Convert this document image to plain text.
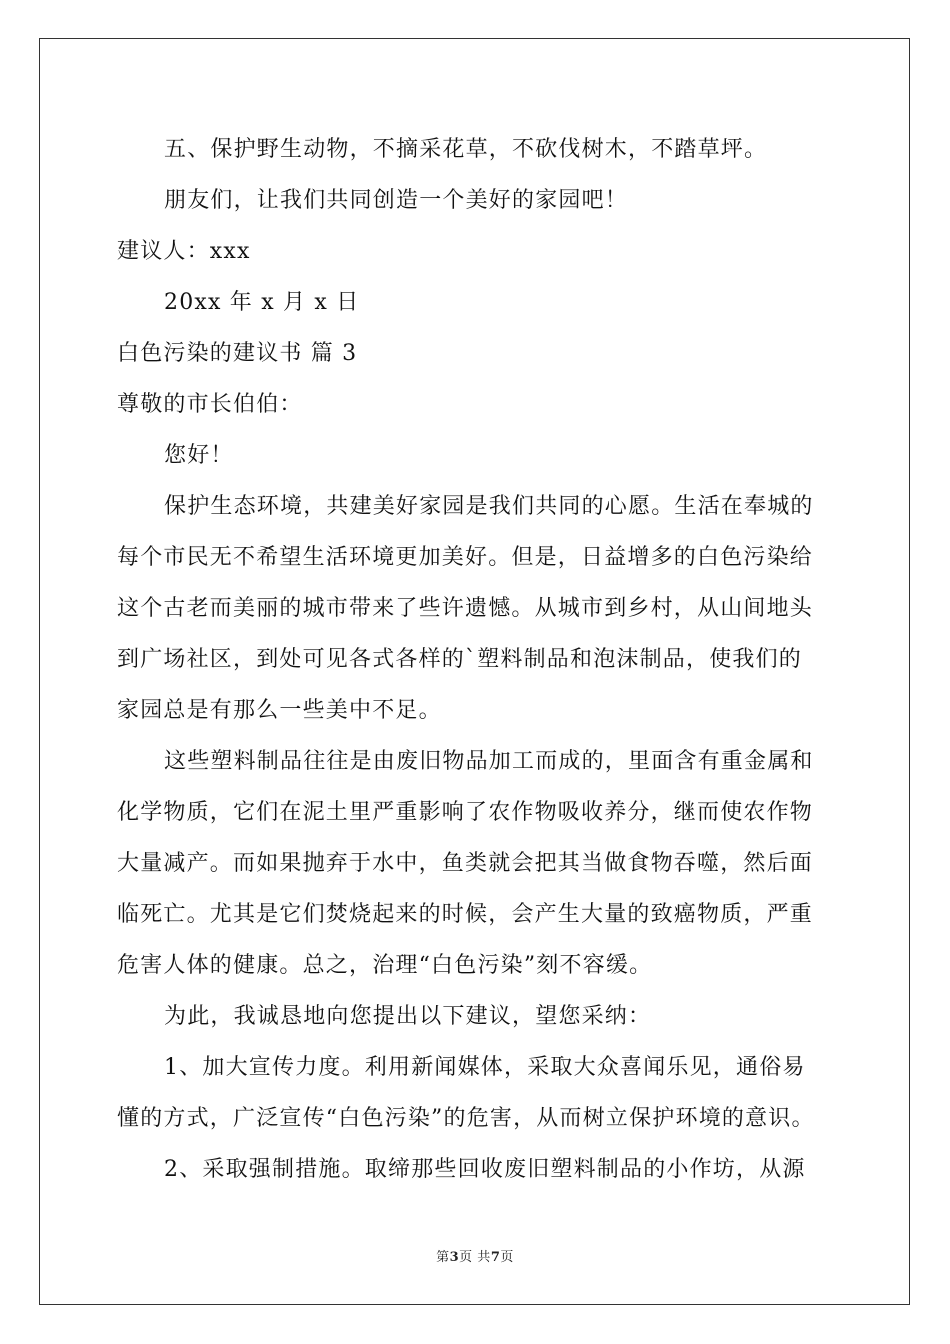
五、保护野生动物，不摘采花草，不砍伐树木，不踏草坪。
朋友们，让我们共同创造一个美好的家园吧！
建议人：xxx
20xx 年 x 月 x 日
白色污染的建议书 篇 3
尊敬的市长伯伯：
您好！
保护生态环境，共建美好家园是我们共同的心愿。生活在奉城的
每个市民无不希望生活环境更加美好。但是，日益增多的白色污染给
这个古老而美丽的城市带来了些许遗憾。从城市到乡村，从山间地头
到广场社区，到处可见各式各样的`塑料制品和泡沫制品，使我们的
家园总是有那么一些美中不足。
这些塑料制品往往是由废旧物品加工而成的，里面含有重金属和
化学物质，它们在泥土里严重影响了农作物吸收养分，继而使农作物
大量减产。而如果抛弃于水中，鱼类就会把其当做食物吞噬，然后面
临死亡。尤其是它们焚烧起来的时候，会产生大量的致癌物质，严重
危害人体的健康。总之，治理“白色污染”刻不容缓。
为此，我诚恳地向您提出以下建议，望您采纳：
1、加大宣传力度。利用新闻媒体，采取大众喜闻乐见，通俗易
懂的方式，广泛宣传“白色污染”的危害，从而树立保护环境的意识。
2、采取强制措施。取缔那些回收废旧塑料制品的小作坊，从源
第3页 共7页
